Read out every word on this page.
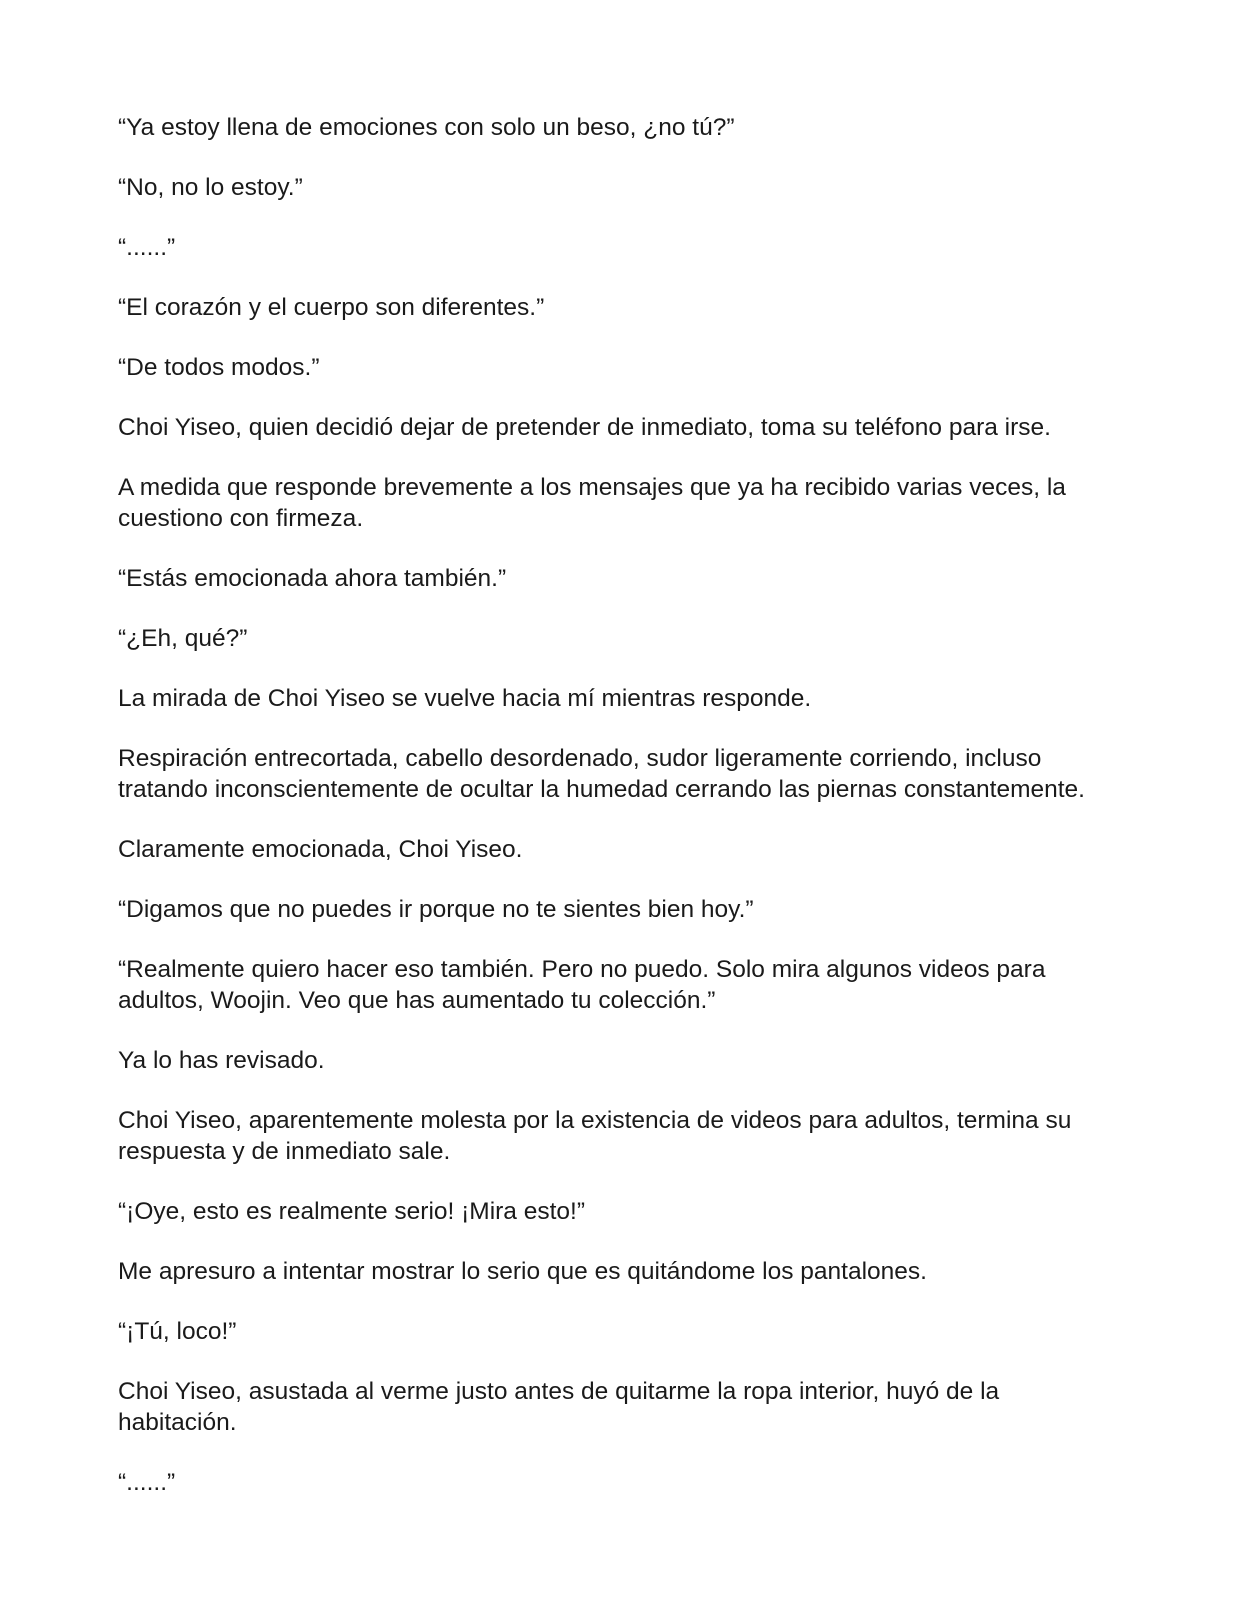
“Ya estoy llena de emociones con solo un beso, ¿no tú?”

“No, no lo estoy.”

“......”

“El corazón y el cuerpo son diferentes.”

“De todos modos.”

Choi Yiseo, quien decidió dejar de pretender de inmediato, toma su teléfono para irse.

A medida que responde brevemente a los mensajes que ya ha recibido varias veces, la cuestiono con firmeza.

“Estás emocionada ahora también.”

“¿Eh, qué?”

La mirada de Choi Yiseo se vuelve hacia mí mientras responde.

Respiración entrecortada, cabello desordenado, sudor ligeramente corriendo, incluso tratando inconscientemente de ocultar la humedad cerrando las piernas constantemente.

Claramente emocionada, Choi Yiseo.

“Digamos que no puedes ir porque no te sientes bien hoy.”

“Realmente quiero hacer eso también. Pero no puedo. Solo mira algunos videos para adultos, Woojin. Veo que has aumentado tu colección.”

Ya lo has revisado.

Choi Yiseo, aparentemente molesta por la existencia de videos para adultos, termina su respuesta y de inmediato sale.

“¡Oye, esto es realmente serio! ¡Mira esto!”

Me apresuro a intentar mostrar lo serio que es quitándome los pantalones.

“¡Tú, loco!”

Choi Yiseo, asustada al verme justo antes de quitarme la ropa interior, huyó de la habitación.

“......”
